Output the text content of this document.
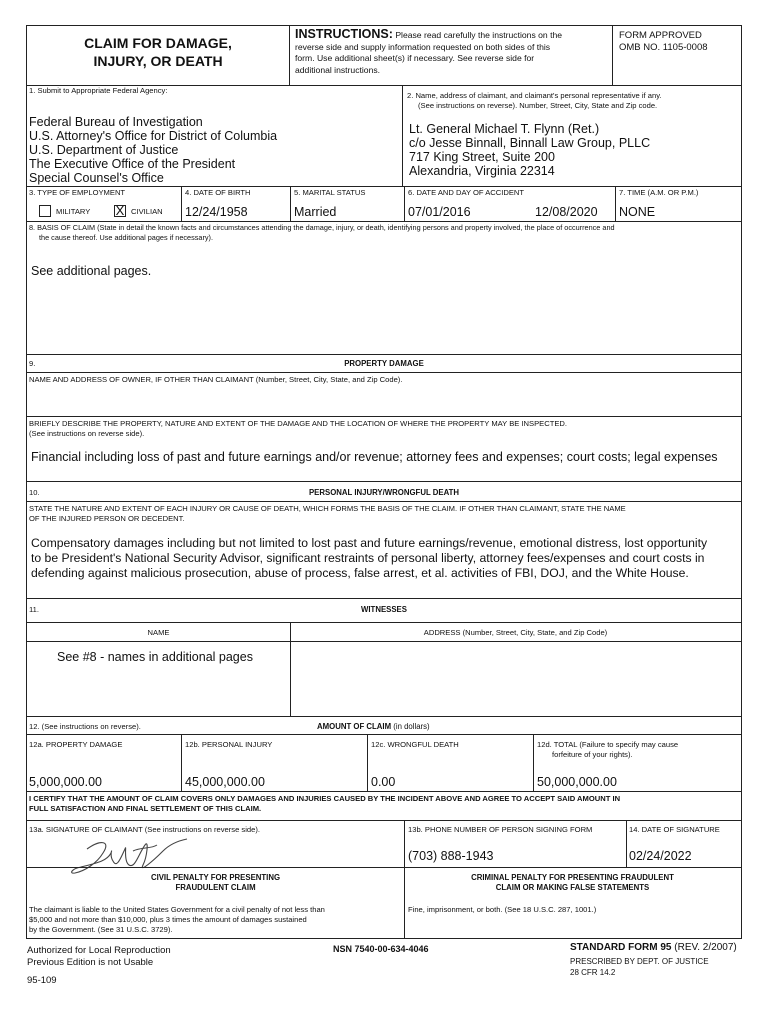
CLAIM FOR DAMAGE,
INJURY, OR DEATH
INSTRUCTIONS: Please read carefully the instructions on the
reverse side and supply information requested on both sides of this
form. Use additional sheet(s) if necessary. See reverse side for
additional instructions.
FORM APPROVED
OMB NO. 1105-0008
1. Submit to Appropriate Federal Agency:
Federal Bureau of Investigation
U.S. Attorney's Office for District of Columbia
U.S. Department of Justice
The Executive Office of the President
Special Counsel's Office
2. Name, address of claimant, and claimant's personal representative if any.
(See instructions on reverse). Number, Street, City, State and Zip code.
Lt. General Michael T. Flynn (Ret.)
c/o Jesse Binnall, Binnall Law Group, PLLC
717 King Street, Suite 200
Alexandria, Virginia 22314
3. TYPE OF EMPLOYMENT
MILITARY X CIVILIAN
4. DATE OF BIRTH
12/24/1958
5. MARITAL STATUS
Married
6. DATE AND DAY OF ACCIDENT
07/01/2016	12/08/2020
7. TIME (A.M. OR P.M.)
NONE
8. BASIS OF CLAIM (State in detail the known facts and circumstances attending the damage, injury, or death, identifying persons and property involved, the place of occurrence and
the cause thereof. Use additional pages if necessary).
See additional pages.
9.	PROPERTY DAMAGE
NAME AND ADDRESS OF OWNER, IF OTHER THAN CLAIMANT (Number, Street, City, State, and Zip Code).
BRIEFLY DESCRIBE THE PROPERTY, NATURE AND EXTENT OF THE DAMAGE AND THE LOCATION OF WHERE THE PROPERTY MAY BE INSPECTED.
(See instructions on reverse side).
Financial including loss of past and future earnings and/or revenue; attorney fees and expenses; court costs; legal expenses
10.	PERSONAL INJURY/WRONGFUL DEATH
STATE THE NATURE AND EXTENT OF EACH INJURY OR CAUSE OF DEATH, WHICH FORMS THE BASIS OF THE CLAIM. IF OTHER THAN CLAIMANT, STATE THE NAME
OF THE INJURED PERSON OR DECEDENT.
Compensatory damages including but not limited to lost past and future earnings/revenue, emotional distress, lost opportunity
to be President's National Security Advisor, significant restraints of personal liberty, attorney fees/expenses and court costs in
defending against malicious prosecution, abuse of process, false arrest, et al. activities of FBI, DOJ, and the White House.
11.	WITNESSES
NAME	ADDRESS (Number, Street, City, State, and Zip Code)
See #8 - names in additional pages
12. (See instructions on reverse).	AMOUNT OF CLAIM (in dollars)
12a. PROPERTY DAMAGE
5,000,000.00
12b. PERSONAL INJURY
45,000,000.00
12c. WRONGFUL DEATH
0.00
12d. TOTAL (Failure to specify may cause
forfeiture of your rights).
50,000,000.00
I CERTIFY THAT THE AMOUNT OF CLAIM COVERS ONLY DAMAGES AND INJURIES CAUSED BY THE INCIDENT ABOVE AND AGREE TO ACCEPT SAID AMOUNT IN
FULL SATISFACTION AND FINAL SETTLEMENT OF THIS CLAIM.
13a. SIGNATURE OF CLAIMANT (See instructions on reverse side).	13b. PHONE NUMBER OF PERSON SIGNING FORM
(703) 888-1943
14. DATE OF SIGNATURE
02/24/2022
CIVIL PENALTY FOR PRESENTING
FRAUDULENT CLAIM
The claimant is liable to the United States Government for a civil penalty of not less than
$5,000 and not more than $10,000, plus 3 times the amount of damages sustained
by the Government. (See 31 U.S.C. 3729).
CRIMINAL PENALTY FOR PRESENTING FRAUDULENT
CLAIM OR MAKING FALSE STATEMENTS
Fine, imprisonment, or both. (See 18 U.S.C. 287, 1001.)
Authorized for Local Reproduction
Previous Edition is not Usable
95-109
NSN 7540-00-634-4046	STANDARD FORM 95 (REV. 2/2007)
PRESCRIBED BY DEPT. OF JUSTICE
28 CFR 14.2
